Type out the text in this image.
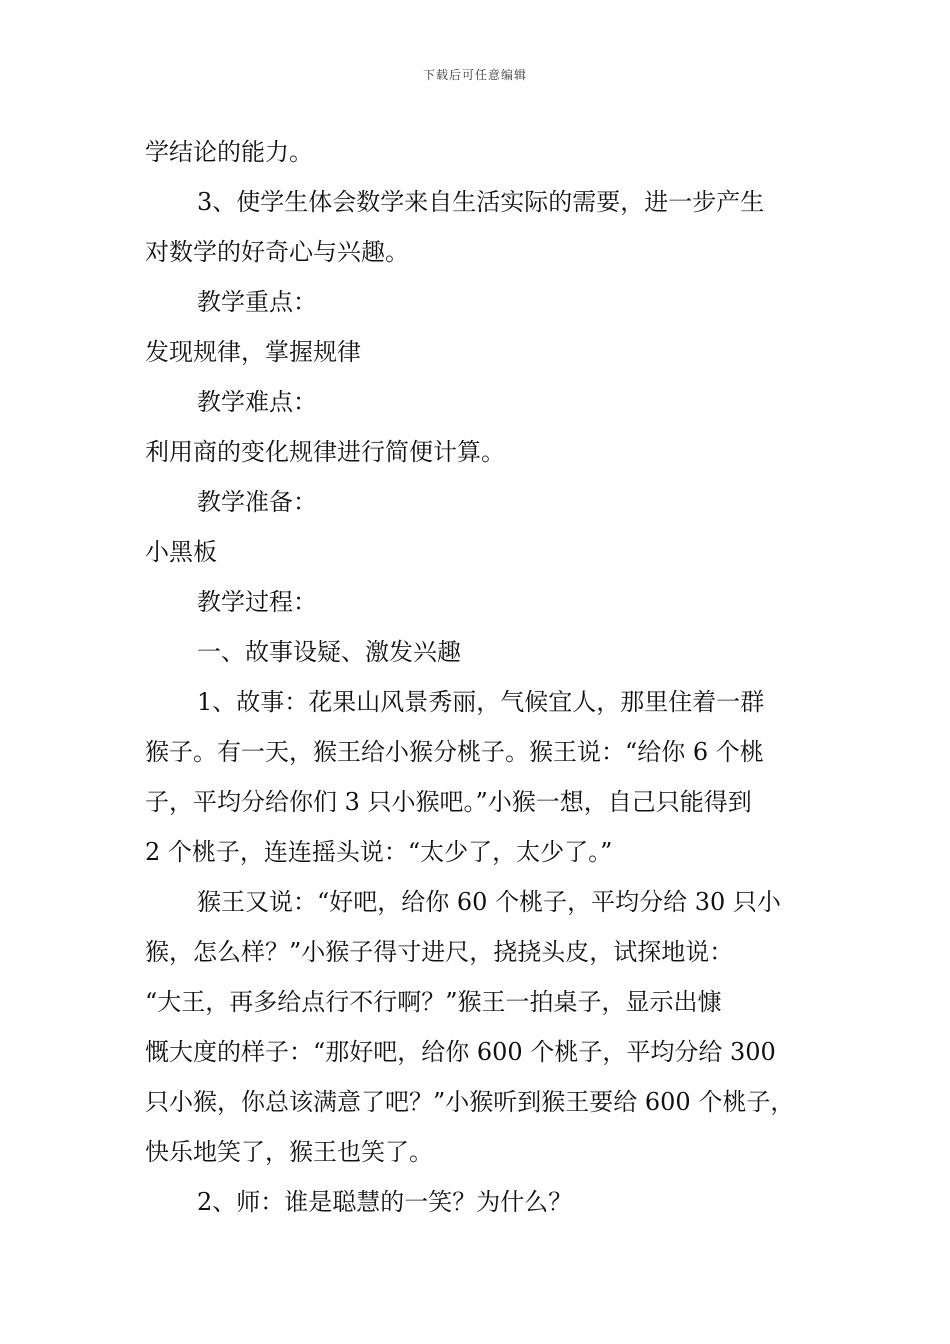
下载后可任意编辑
学结论的能力。
3、使学生体会数学来自生活实际的需要，进一步产生
对数学的好奇心与兴趣。
教学重点：
发现规律，掌握规律
教学难点：
利用商的变化规律进行简便计算。
教学准备：
小黑板
教学过程：
一、故事设疑、激发兴趣
1、故事：花果山风景秀丽，气候宜人，那里住着一群
猴子。有一天，猴王给小猴分桃子。猴王说：“给你 6 个桃
子，平均分给你们 3 只小猴吧。”小猴一想，自己只能得到
2 个桃子，连连摇头说：“太少了，太少了。”
猴王又说：“好吧，给你 60 个桃子，平均分给 30 只小
猴，怎么样？”小猴子得寸进尺，挠挠头皮，试探地说：
“大王，再多给点行不行啊？”猴王一拍桌子，显示出慷
慨大度的样子：“那好吧，给你 600 个桃子，平均分给 300
只小猴，你总该满意了吧？”小猴听到猴王要给 600 个桃子，
快乐地笑了，猴王也笑了。
2、师：谁是聪慧的一笑？为什么？
